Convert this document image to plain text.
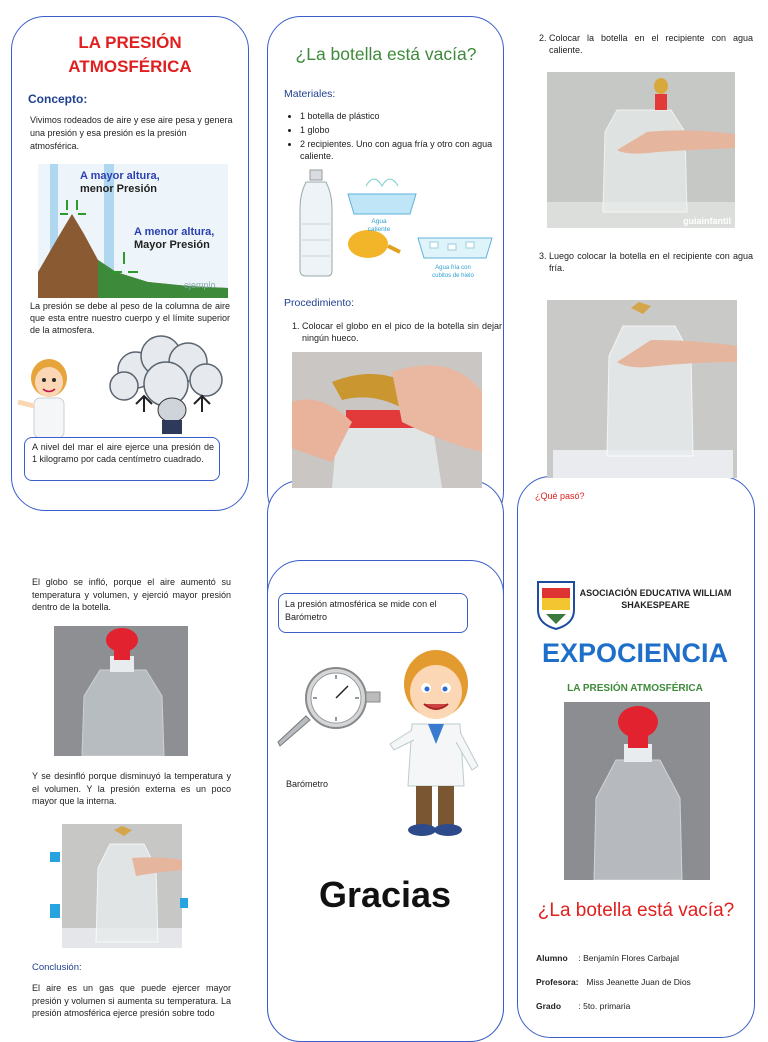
LA PRESIÓN
ATMOSFÉRICA
Concepto:
Vivimos rodeados de aire y ese aire pesa y genera una presión y esa presión es la presión atmosférica.
A mayor altura,
menor Presión
A menor altura,
Mayor Presión
ejemplo
La presión se debe al peso de la columna de aire que esta entre nuestro cuerpo y el límite superior de la atmosfera.
A nivel del mar el aire ejerce una presión de 1 kilogramo por cada centímetro cuadrado.
¿La botella está vacía?
Materiales:
• 1 botella de plástico
• 1 globo
• 2 recipientes. Uno con agua fría y otro con agua caliente.
Agua caliente
Agua fría con cubitos de hielo
Procedimiento:
1. Colocar el globo en el pico de la botella sin dejar ningún hueco.
2. Colocar la botella en el recipiente con agua caliente.
guiainfantil
3. Luego colocar la botella en el recipiente con agua fría.
El globo se infló, porque el aire aumentó su temperatura y volumen, y ejerció mayor presión dentro de la botella.
Y se desinfló porque disminuyó la temperatura y el volumen. Y la presión externa es un poco mayor que la interna.
Conclusión:
El aire es un gas que puede ejercer mayor presión y volumen si aumenta su temperatura. La presión atmosférica ejerce presión sobre todo
La presión atmosférica se mide con el Barómetro
Barómetro
Gracias
¿Qué pasó?
ASOCIACIÓN EDUCATIVA WILLIAM
SHAKESPEARE
EXPOCIENCIA
LA PRESIÓN ATMOSFÉRICA
¿La botella está vacía?
Alumno : Benjamín Flores Carbajal
Profesora: Miss Jeanette Juan de Dios
Grado : 5to. primaria
